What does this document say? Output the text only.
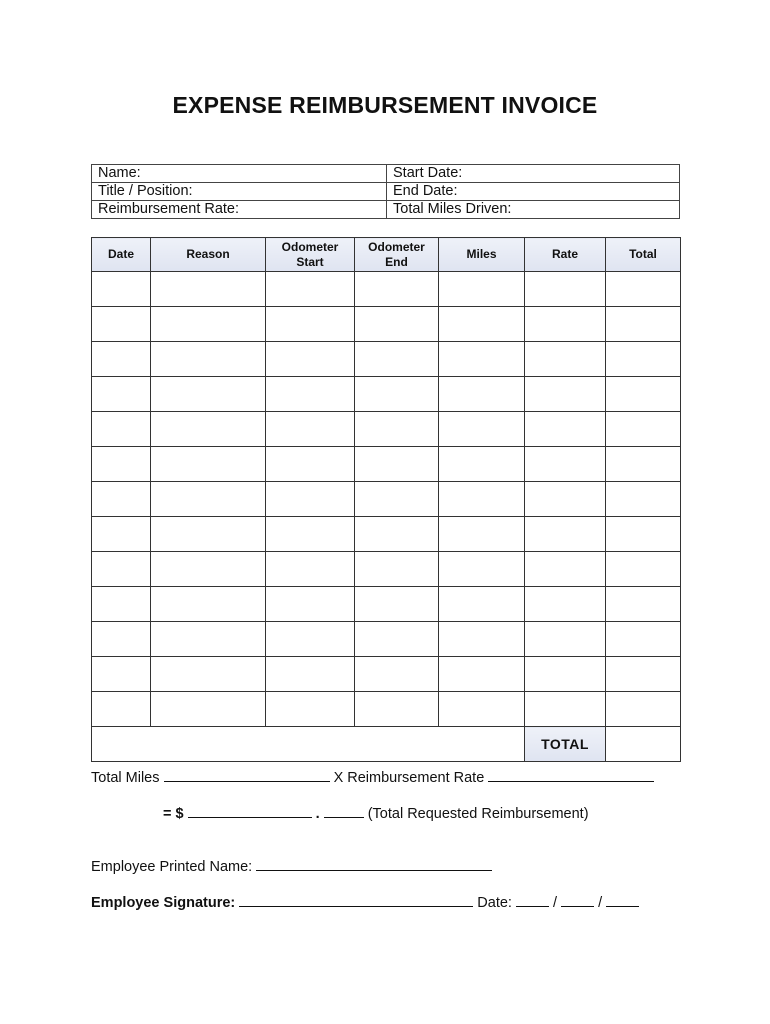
EXPENSE REIMBURSEMENT INVOICE
Name:	Start Date:
Title / Position:	End Date:
Reimbursement Rate:	Total Miles Driven:
Date	Reason	Odometer Start	Odometer End	Miles	Rate	Total

					TOTAL	
Total Miles	X Reimbursement Rate
= $	.	(Total Requested Reimbursement)
Employee Printed Name:
Employee Signature:	Date:	/	/
